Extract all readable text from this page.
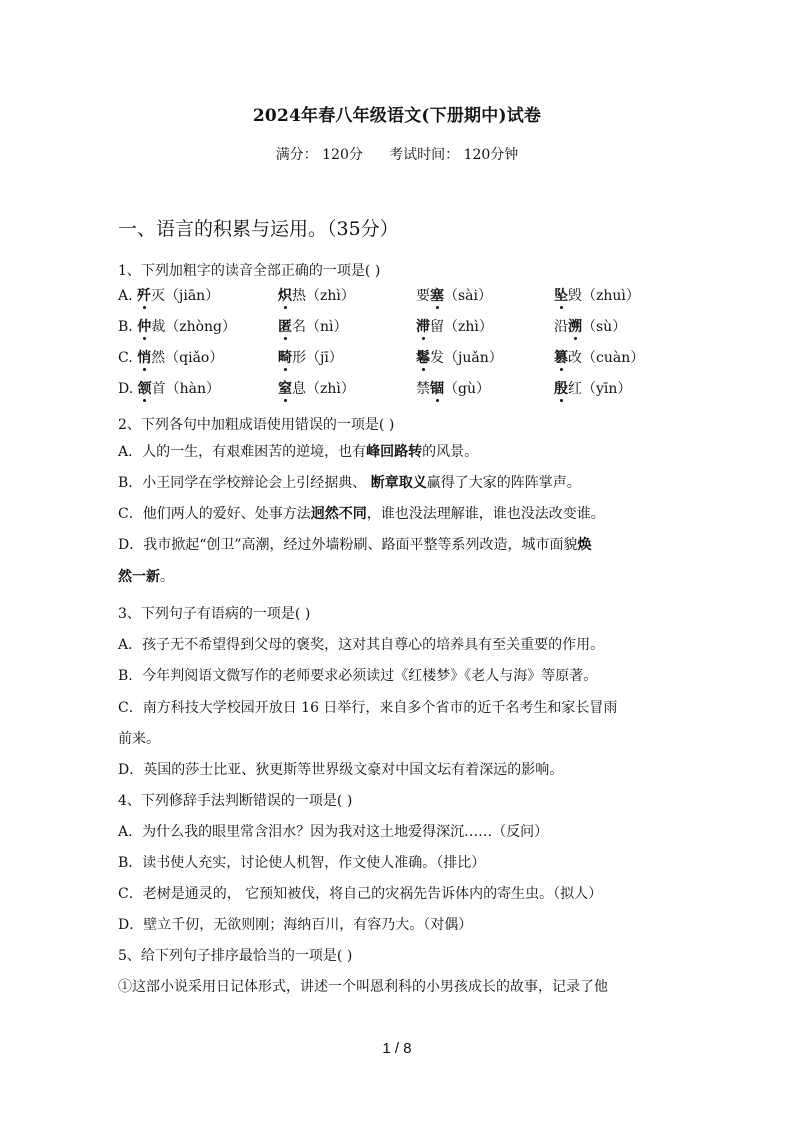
2024年春八年级语文(下册期中)试卷
满分： 120分 考试时间： 120分钟
一、语言的积累与运用。（35分）
1、下列加粗字的读音全部正确的一项是( )
A. 歼灭（jiān）	炽热（zhì）	要塞（sài）	坠毁（zhuì）
B. 仲裁（zhòng）	匿名（nì）	滞留（zhì）	沿溯（sù）
C. 悄然（qiǎo）	畸形（jī）	鬈发（juǎn）	篡改（cuàn）
D. 颔首（hàn）	窒息（zhì）	禁锢（gù）	殷红（yīn）
2、下列各句中加粗成语使用错误的一项是( )
A．人的一生，有艰难困苦的逆境，也有峰回路转的风景。
B．小王同学在学校辩论会上引经据典、 断章取义赢得了大家的阵阵掌声。
C．他们两人的爱好、处事方法迥然不同，谁也没法理解谁，谁也没法改变谁。
D．我市掀起“创卫”高潮，经过外墙粉刷、路面平整等系列改造，城市面貌焕
然一新。
3、下列句子有语病的一项是( )
A．孩子无不希望得到父母的褒奖，这对其自尊心的培养具有至关重要的作用。
B．今年判阅语文微写作的老师要求必须读过《红楼梦》《老人与海》等原著。
C．南方科技大学校园开放日 16 日举行，来自多个省市的近千名考生和家长冒雨
前来。
D．英国的莎士比亚、狄更斯等世界级文豪对中国文坛有着深远的影响。
4、下列修辞手法判断错误的一项是( )
A．为什么我的眼里常含泪水？因为我对这土地爱得深沉……（反问）
B．读书使人充实，讨论使人机智，作文使人准确。（排比）
C．老树是通灵的， 它预知被伐，将自己的灾祸先告诉体内的寄生虫。（拟人）
D．壁立千仞，无欲则刚；海纳百川，有容乃大。（对偶）
5、给下列句子排序最恰当的一项是( )
①这部小说采用日记体形式，讲述一个叫恩利科的小男孩成长的故事，记录了他
1 / 8
